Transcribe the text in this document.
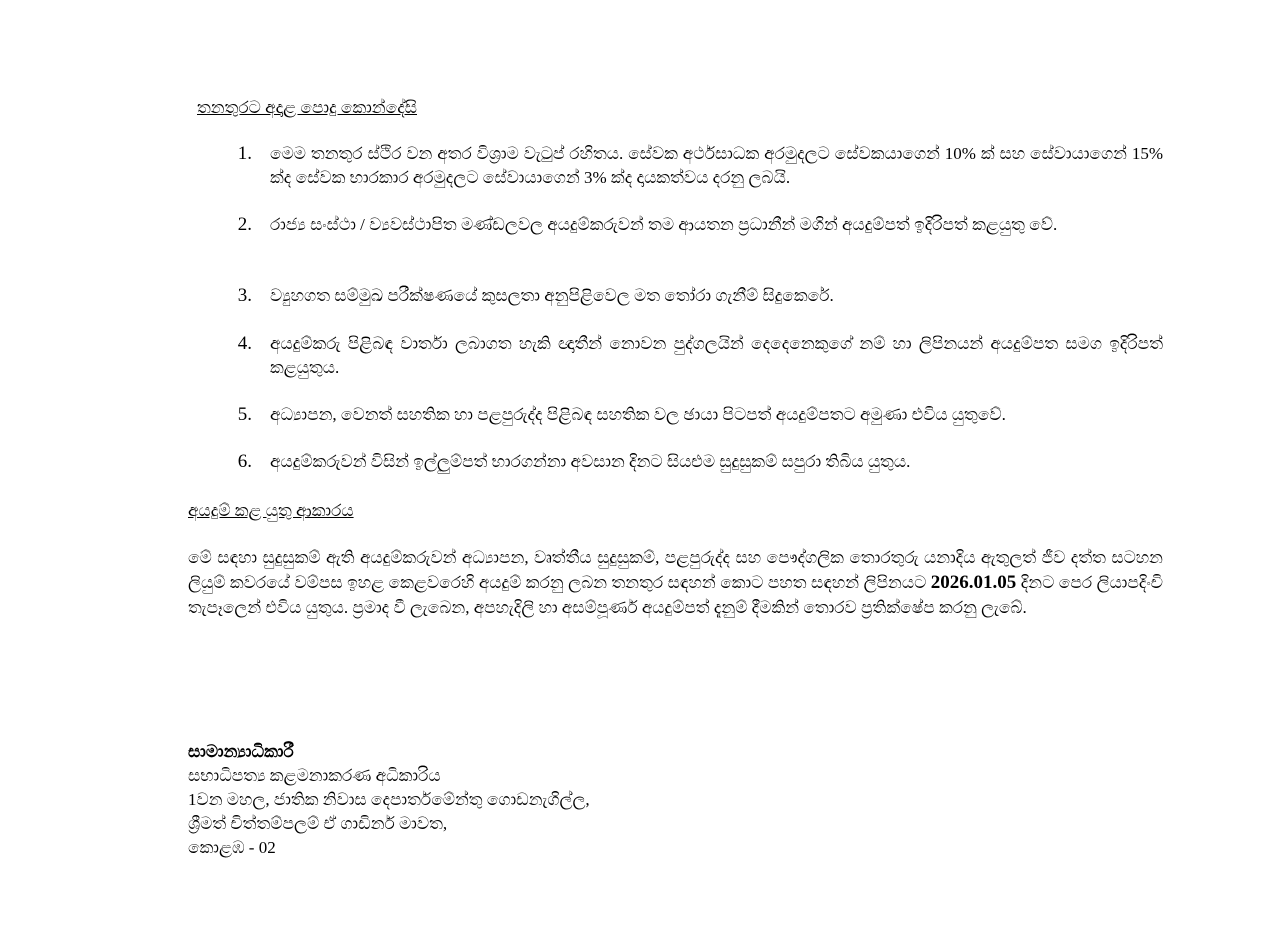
තනතුරට අදාළ පොදු කොන්දේසි
1. මෙම තනතුර ස්ථිර වන අතර විශ්‍රාම වැටුප් රහිතය. සේවක අර්ථසාධක අරමුදලට සේවකයාගෙන් 10% ක් සහ සේවායාගෙන් 15% ක්ද සේවක භාරකාර අරමුදලට සේවායාගෙන් 3% ක්ද දායකත්වය දරනු ලබයි.
2. රාජ්‍ය සංස්ථා / ව්‍යවස්ථාපිත මණ්ඩලවල අයදුම්කරුවන් තම ආයතන ප්‍රධානීන් මගින් අයදුම්පත් ඉදිරිපත් කළයුතු වේ.
3. ව්‍යුහගත සම්මුඛ පරීක්ෂණයේ කුසලතා අනුපිළිවෙල මත තෝරා ගැනීම් සිදුකෙරේ.
4. අයදුම්කරු පිළිබඳ වාර්තා ලබාගත හැකි ඥාතීන් නොවන පුද්ගලයින් දෙදෙනෙකුගේ නම් හා ලිපිනයන් අයදුම්පත සමග ඉදිරිපත් කළයුතුය.
5. අධ්‍යාපන, වෙනත් සහතික හා පළපුරුද්ද පිළිබඳ සහතික වල ඡායා පිටපත් අයදුම්පතට අමුණා එවිය යුතුවේ.
6. අයදුම්කරුවන් විසින් ඉල්ලුම්පත් භාරගන්නා අවසාන දිනට සියළුම සුදුසුකම් සපුරා තිබිය යුතුය.
අයදුම් කළ යුතු ආකාරය

මේ සඳහා සුදුසුකම් ඇති අයදුම්කරුවන් අධ්‍යාපන, වෘත්තීය සුදුසුකම්, පළපුරුද්ද සහ පෞද්ගලික තොරතුරු යනාදිය ඇතුලත් ජීව දත්ත සටහන ලියුම් කවරයේ වම්පස ඉහළ කෙළවරෙහි අයදුම් කරනු ලබන තනතුර සඳහන් කොට පහත සඳහන් ලිපිනයට 2026.01.05 දිනට පෙර ලියාපදිංචි තැපෑලෙන් එවිය යුතුය. ප්‍රමාද වී ලැබෙන, අපහැදිලි හා අසම්පූර්ණ අයදුම්පත් දැනුම් දීමකින් තොරව ප්‍රතික්ෂේප කරනු ලැබේ.

සාමාන්‍යාධිකාරී
සභාධිපත්‍ය කළමනාකරණ අධිකාරිය
1වන මහල, ජාතික නිවාස දෙපාර්තමේන්තු ගොඩනැගිල්ල,
ශ්‍රීමත් චිත්තම්පලම් ඒ ගාඩිනර් මාවත,
කොළඹ - 02
